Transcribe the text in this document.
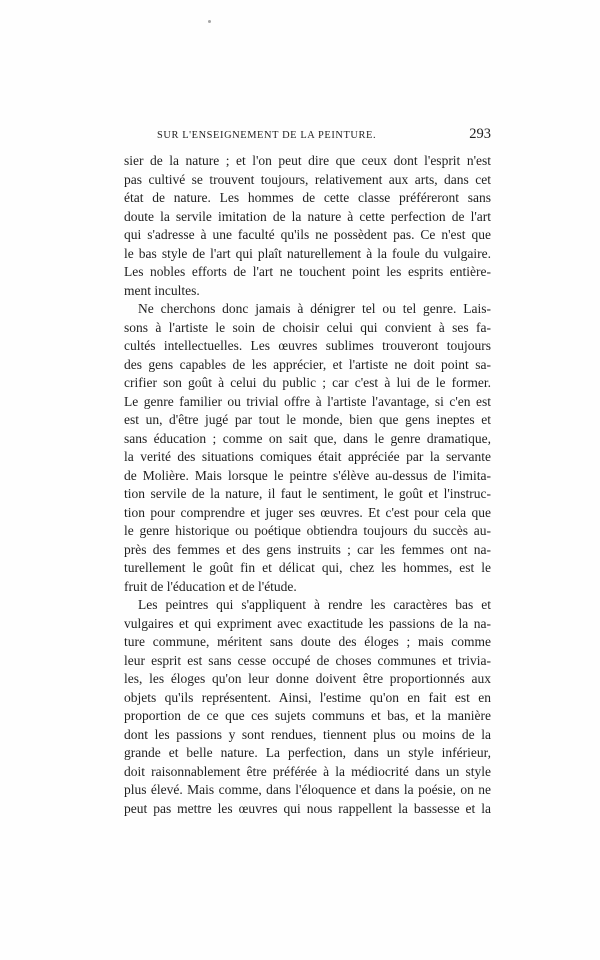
SUR L'ENSEIGNEMENT DE LA PEINTURE.	293
sier de la nature ; et l'on peut dire que ceux dont l'esprit n'est
pas cultivé se trouvent toujours, relativement aux arts, dans cet
état de nature. Les hommes de cette classe préféreront sans
doute la servile imitation de la nature à cette perfection de l'art
qui s'adresse à une faculté qu'ils ne possèdent pas. Ce n'est que
le bas style de l'art qui plaît naturellement à la foule du vulgaire.
Les nobles efforts de l'art ne touchent point les esprits entière-
ment incultes.
Ne cherchons donc jamais à dénigrer tel ou tel genre. Lais-
sons à l'artiste le soin de choisir celui qui convient à ses fa-
cultés intellectuelles. Les œuvres sublimes trouveront toujours
des gens capables de les apprécier, et l'artiste ne doit point sa-
crifier son goût à celui du public ; car c'est à lui de le former.
Le genre familier ou trivial offre à l'artiste l'avantage, si c'en est
est un, d'être jugé par tout le monde, bien que gens ineptes et
sans éducation ; comme on sait que, dans le genre dramatique,
la verité des situations comiques était appréciée par la servante
de Molière. Mais lorsque le peintre s'élève au-dessus de l'imita-
tion servile de la nature, il faut le sentiment, le goût et l'instruc-
tion pour comprendre et juger ses œuvres. Et c'est pour cela que
le genre historique ou poétique obtiendra toujours du succès au-
près des femmes et des gens instruits ; car les femmes ont na-
turellement le goût fin et délicat qui, chez les hommes, est le
fruit de l'éducation et de l'étude.
Les peintres qui s'appliquent à rendre les caractères bas et
vulgaires et qui expriment avec exactitude les passions de la na-
ture commune, méritent sans doute des éloges ; mais comme
leur esprit est sans cesse occupé de choses communes et trivia-
les, les éloges qu'on leur donne doivent être proportionnés aux
objets qu'ils représentent. Ainsi, l'estime qu'on en fait est en
proportion de ce que ces sujets communs et bas, et la manière
dont les passions y sont rendues, tiennent plus ou moins de la
grande et belle nature. La perfection, dans un style inférieur,
doit raisonnablement être préférée à la médiocrité dans un style
plus élevé. Mais comme, dans l'éloquence et dans la poésie, on ne
peut pas mettre les œuvres qui nous rappellent la bassesse et la
